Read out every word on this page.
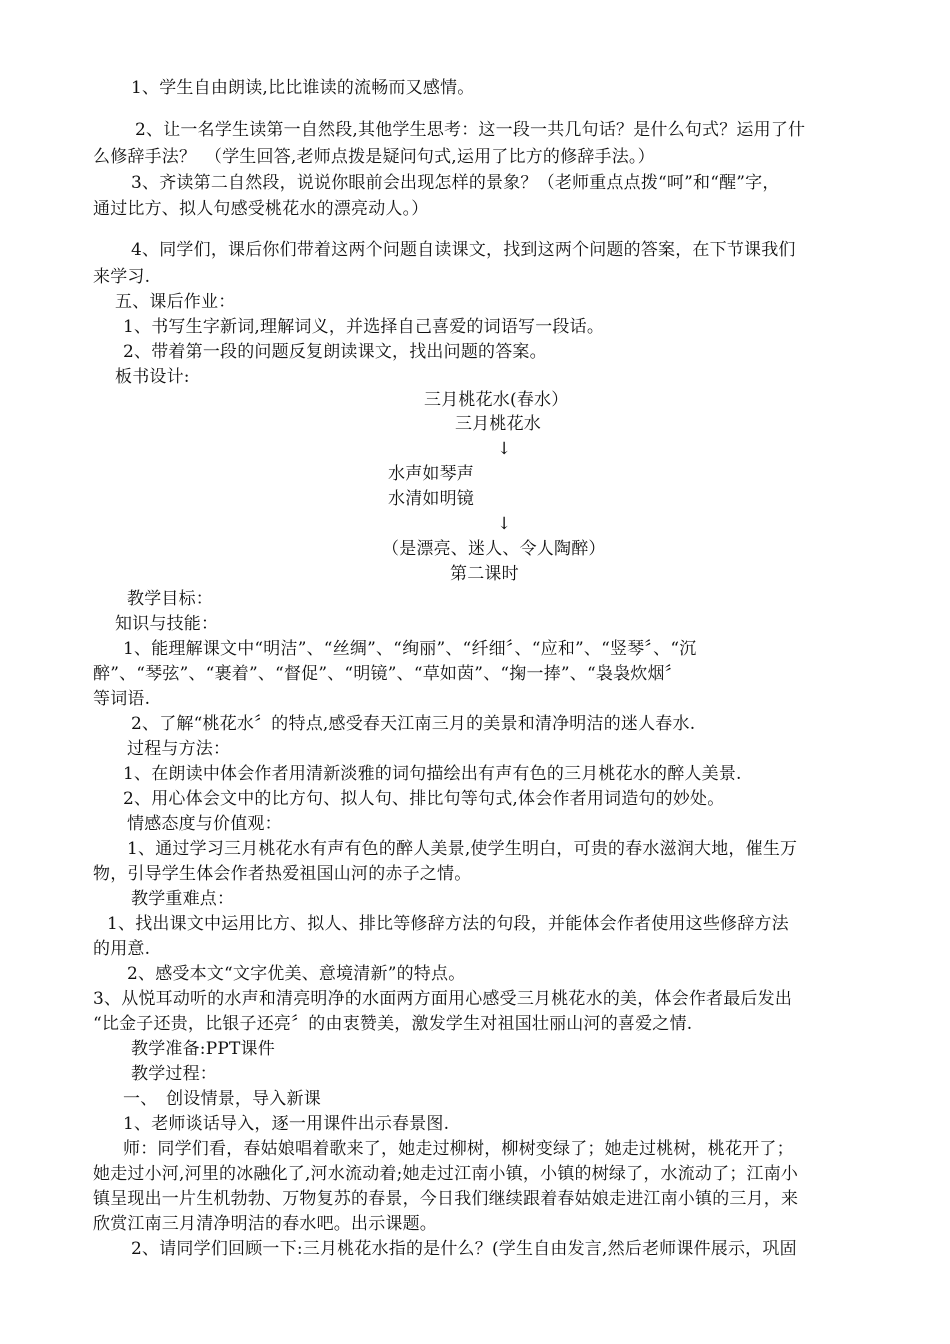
1、学生自由朗读,比比谁读的流畅而又感情。
2、让一名学生读第一自然段,其他学生思考：这一段一共几句话？是什么句式？运用了什
么修辞手法？　（学生回答,老师点拨是疑问句式,运用了比方的修辞手法。）
3、齐读第二自然段，说说你眼前会出现怎样的景象？（老师重点点拨“呵”和“醒”字，
通过比方、拟人句感受桃花水的漂亮动人。）
4、同学们，课后你们带着这两个问题自读课文，找到这两个问题的答案，在下节课我们
来学习.
五、课后作业：
1、书写生字新词,理解词义，并选择自己喜爱的词语写一段话。
2、带着第一段的问题反复朗读课文，找出问题的答案。
板书设计:
三月桃花水(春水）
三月桃花水
↓
水声如琴声
水清如明镜
↓
（是漂亮、迷人、令人陶醉）
第二课时
教学目标：
知识与技能：
1、能理解课文中“明洁”、“丝绸”、“绚丽”、“纤细〞、“应和”、“竖琴〞、“沉
醉”、“琴弦”、“裹着”、“督促”、“明镜”、“草如茵”、“掬一捧”、“袅袅炊烟〞
等词语.
2、了解“桃花水〞的特点,感受春天江南三月的美景和清净明洁的迷人春水.
过程与方法：
1、在朗读中体会作者用清新淡雅的词句描绘出有声有色的三月桃花水的醉人美景.
2、用心体会文中的比方句、拟人句、排比句等句式,体会作者用词造句的妙处。
情感态度与价值观：
1、通过学习三月桃花水有声有色的醉人美景,使学生明白，可贵的春水滋润大地，催生万
物，引导学生体会作者热爱祖国山河的赤子之情。
教学重难点：
1、找出课文中运用比方、拟人、排比等修辞方法的句段，并能体会作者使用这些修辞方法
的用意.
2、感受本文“文字优美、意境清新”的特点。
3、从悦耳动听的水声和清亮明净的水面两方面用心感受三月桃花水的美，体会作者最后发出
“比金子还贵，比银子还亮〞的由衷赞美，激发学生对祖国壮丽山河的喜爱之情.
教学准备:PPT课件
教学过程：
一、　创设情景，导入新课
1、老师谈话导入，逐一用课件出示春景图.
师：同学们看，春姑娘唱着歌来了，她走过柳树，柳树变绿了；她走过桃树，桃花开了；
她走过小河,河里的冰融化了,河水流动着;她走过江南小镇，小镇的树绿了，水流动了；江南小
镇呈现出一片生机勃勃、万物复苏的春景，今日我们继续跟着春姑娘走进江南小镇的三月，来
欣赏江南三月清净明洁的春水吧。出示课题。
2、请同学们回顾一下:三月桃花水指的是什么？(学生自由发言,然后老师课件展示，巩固
